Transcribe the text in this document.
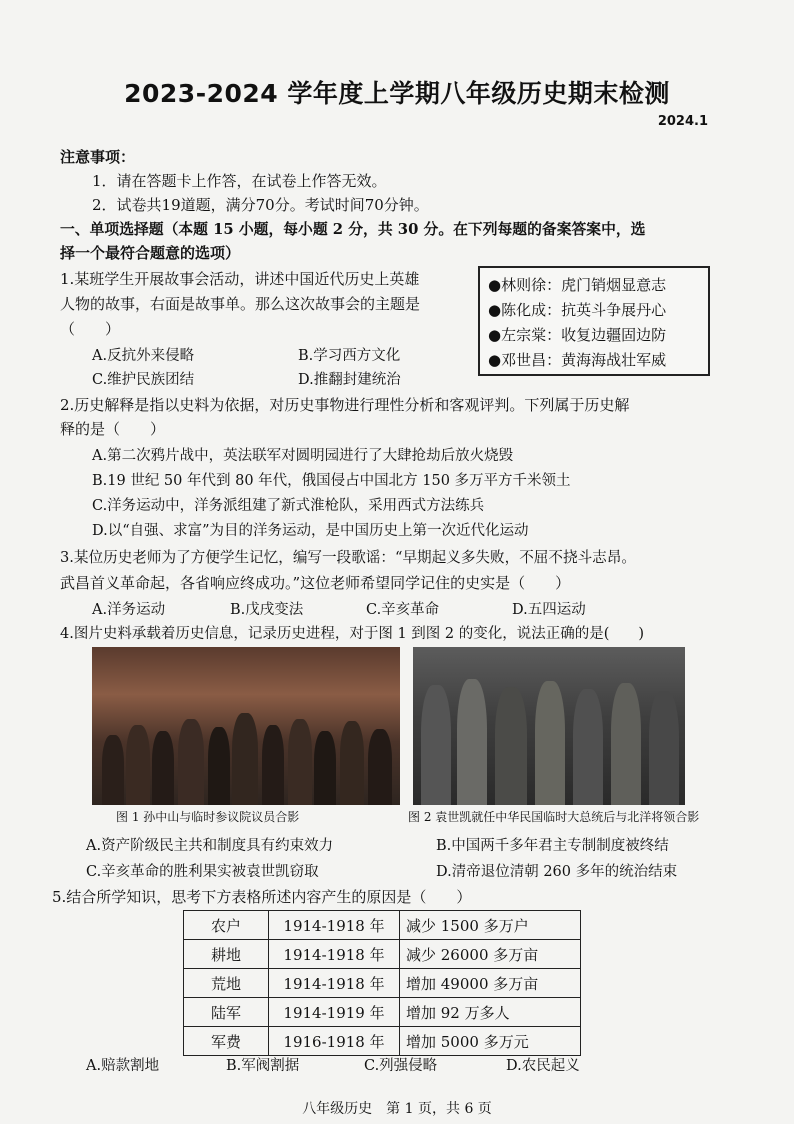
2023-2024 学年度上学期八年级历史期末检测
2024.1
注意事项：
1．请在答题卡上作答，在试卷上作答无效。
2．试卷共19道题，满分70分。考试时间70分钟。
一、单项选择题（本题 15 小题，每小题 2 分，共 30 分。在下列每题的备案答案中，选
择一个最符合题意的选项）
1.某班学生开展故事会活动，讲述中国近代历史上英雄
人物的故事，右面是故事单。那么这次故事会的主题是
（　　）
●林则徐：虎门销烟显意志
●陈化成：抗英斗争展丹心
●左宗棠：收复边疆固边防
●邓世昌：黄海海战壮军威
A.反抗外来侵略	B.学习西方文化
C.维护民族团结	D.推翻封建统治
2.历史解释是指以史料为依据，对历史事物进行理性分析和客观评判。下列属于历史解
释的是（　　）
A.第二次鸦片战中，英法联军对圆明园进行了大肆抢劫后放火烧毁
B.19 世纪 50 年代到 80 年代，俄国侵占中国北方 150 多万平方千米领土
C.洋务运动中，洋务派组建了新式淮枪队，采用西式方法练兵
D.以“自强、求富”为目的洋务运动，是中国历史上第一次近代化运动
3.某位历史老师为了方便学生记忆，编写一段歌谣：“早期起义多失败，不屈不挠斗志昂。
武昌首义革命起，各省响应终成功。”这位老师希望同学记住的史实是（　　）
A.洋务运动	B.戊戌变法	C.辛亥革命	D.五四运动
4.图片史料承载着历史信息，记录历史进程，对于图 1 到图 2 的变化，说法正确的是(　　)
图 1 孙中山与临时参议院议员合影	图 2 袁世凯就任中华民国临时大总统后与北洋将领合影
A.资产阶级民主共和制度具有约束效力	B.中国两千多年君主专制制度被终结
C.辛亥革命的胜利果实被袁世凯窃取	D.清帝退位清朝 260 多年的统治结束
5.结合所学知识，思考下方表格所述内容产生的原因是（　　）
农户	1914-1918 年	减少 1500 多万户
耕地	1914-1918 年	减少 26000 多万亩
荒地	1914-1918 年	增加 49000 多万亩
陆军	1914-1919 年	增加 92 万多人
军费	1916-1918 年	增加 5000 多万元
A.赔款割地	B.军阀割据	C.列强侵略	D.农民起义
八年级历史　第 1 页，共 6 页
